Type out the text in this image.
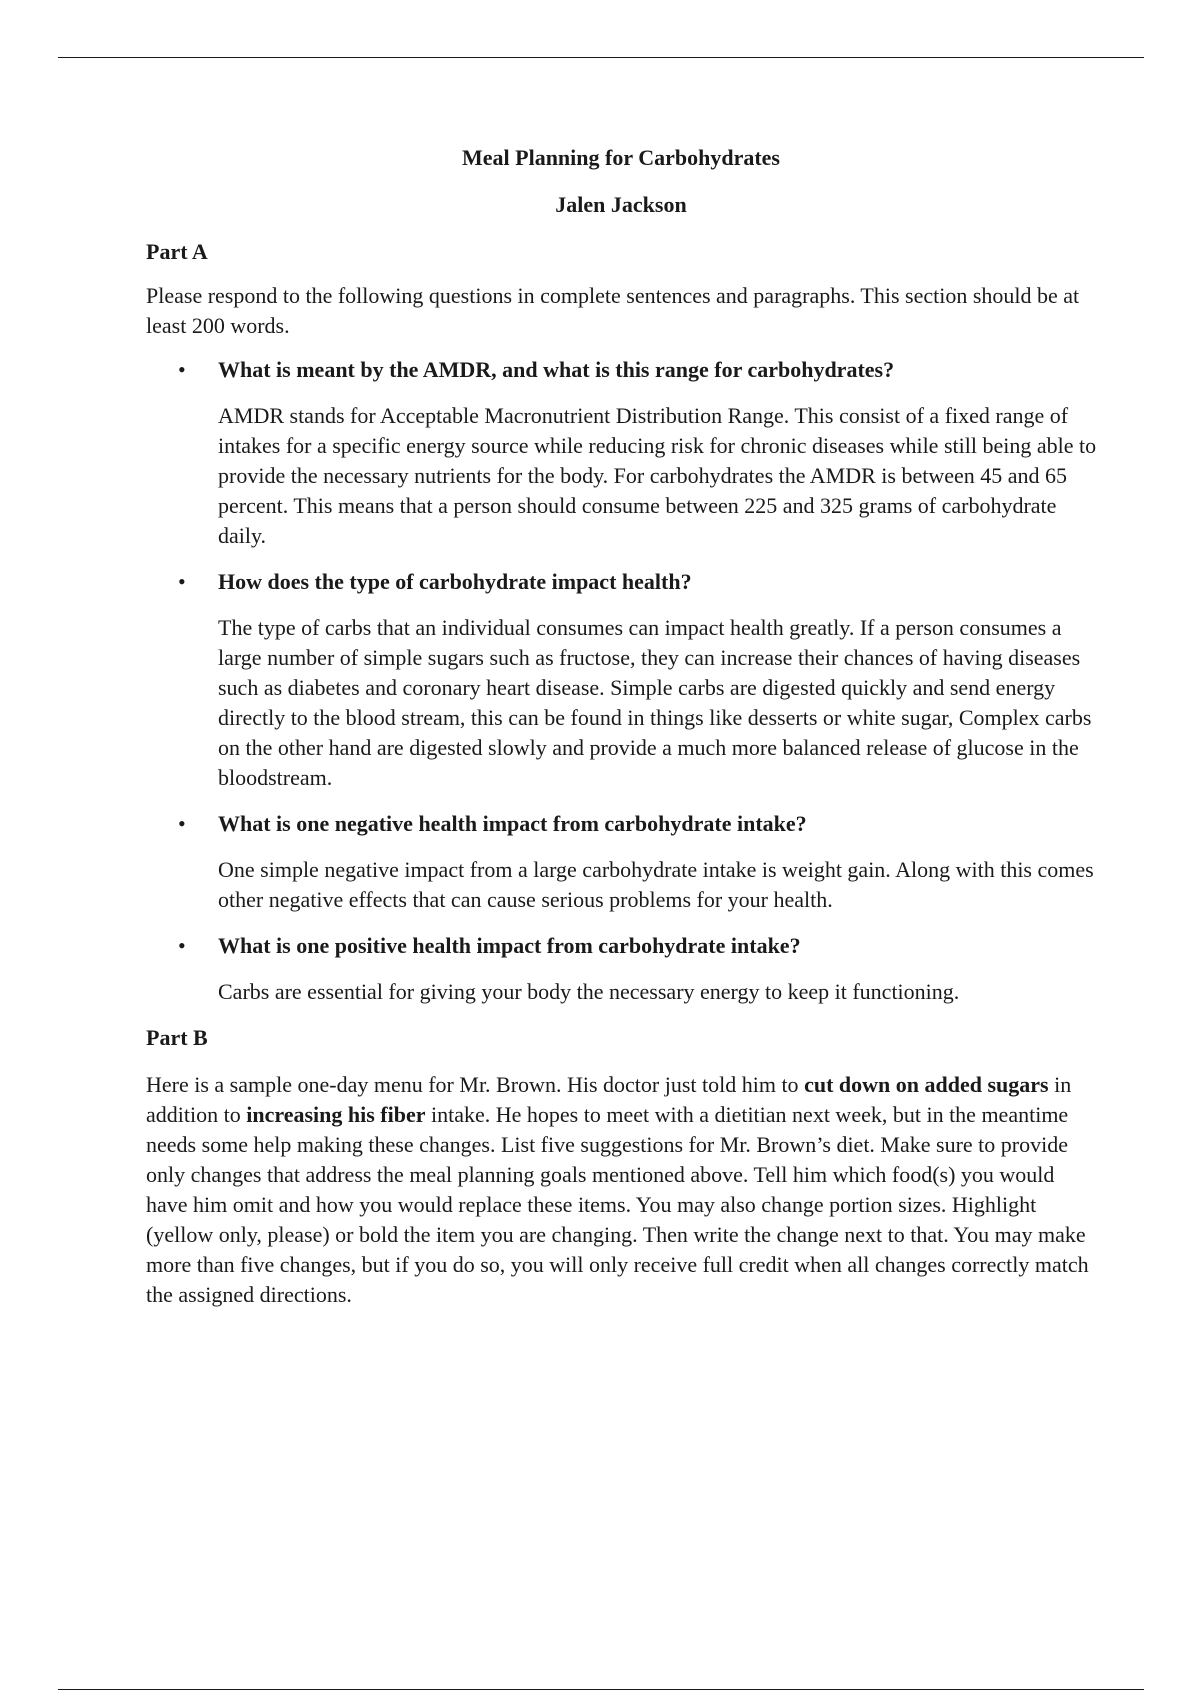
Meal Planning for Carbohydrates

Jalen Jackson

Part A

Please respond to the following questions in complete sentences and paragraphs. This section should be at least 200 words.

• What is meant by the AMDR, and what is this range for carbohydrates?

AMDR stands for Acceptable Macronutrient Distribution Range. This consist of a fixed range of intakes for a specific energy source while reducing risk for chronic diseases while still being able to provide the necessary nutrients for the body. For carbohydrates the AMDR is between 45 and 65 percent. This means that a person should consume between 225 and 325 grams of carbohydrate daily.

• How does the type of carbohydrate impact health?

The type of carbs that an individual consumes can impact health greatly. If a person consumes a large number of simple sugars such as fructose, they can increase their chances of having diseases such as diabetes and coronary heart disease. Simple carbs are digested quickly and send energy directly to the blood stream, this can be found in things like desserts or white sugar, Complex carbs on the other hand are digested slowly and provide a much more balanced release of glucose in the bloodstream.

• What is one negative health impact from carbohydrate intake?

One simple negative impact from a large carbohydrate intake is weight gain. Along with this comes other negative effects that can cause serious problems for your health.

• What is one positive health impact from carbohydrate intake?

Carbs are essential for giving your body the necessary energy to keep it functioning.

Part B

Here is a sample one-day menu for Mr. Brown. His doctor just told him to cut down on added sugars in addition to increasing his fiber intake. He hopes to meet with a dietitian next week, but in the meantime needs some help making these changes. List five suggestions for Mr. Brown’s diet. Make sure to provide only changes that address the meal planning goals mentioned above. Tell him which food(s) you would have him omit and how you would replace these items. You may also change portion sizes. Highlight (yellow only, please) or bold the item you are changing. Then write the change next to that. You may make more than five changes, but if you do so, you will only receive full credit when all changes correctly match the assigned directions.
